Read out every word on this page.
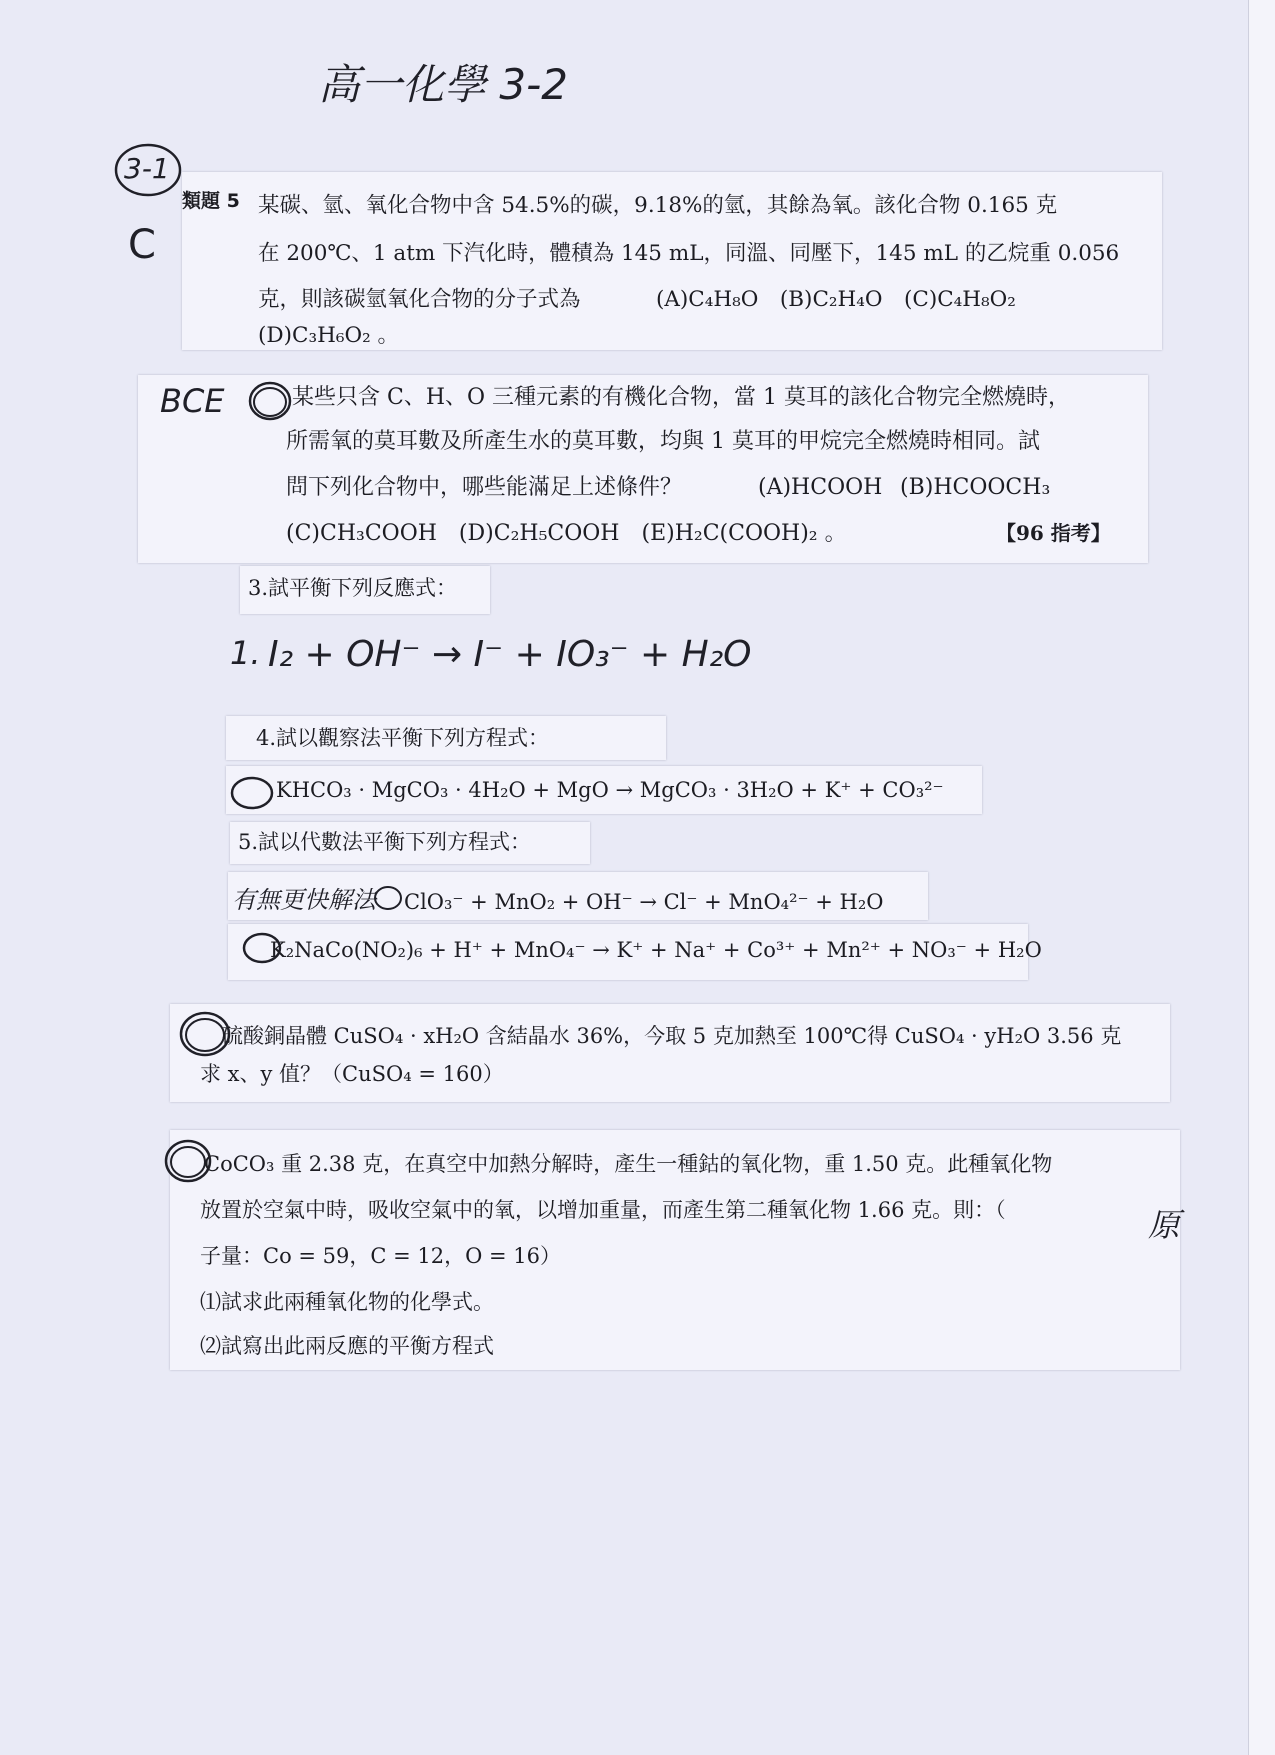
高一化學 3-2
3-1
C
類題 5 某碳、氫、氧化合物中含 54.5%的碳，9.18%的氫，其餘為氧。該化合物 0.165 克
在 200℃、1 atm 下汽化時，體積為 145 mL，同溫、同壓下，145 mL 的乙烷重 0.056
克，則該碳氫氧化合物的分子式為	(A)C₄H₈O　(B)C₂H₄O　(C)C₄H₈O₂
(D)C₃H₆O₂ 。
BCE	某些只含 C、H、O 三種元素的有機化合物，當 1 莫耳的該化合物完全燃燒時，
所需氧的莫耳數及所產生水的莫耳數，均與 1 莫耳的甲烷完全燃燒時相同。試
問下列化合物中，哪些能滿足上述條件？	(A)HCOOH (B)HCOOCH₃
(C)CH₃COOH　(D)C₂H₅COOH　(E)H₂C(COOH)₂ 。	【96 指考】
3.試平衡下列反應式：
1. I₂ + OH⁻ → I⁻ + IO₃⁻ + H₂O
4.試以觀察法平衡下列方程式：
KHCO₃ · MgCO₃ · 4H₂O + MgO → MgCO₃ · 3H₂O + K⁺ + CO₃²⁻
5.試以代數法平衡下列方程式：
有無更快解法 ClO₃⁻ + MnO₂ + OH⁻ → Cl⁻ + MnO₄²⁻ + H₂O
K₂NaCo(NO₂)₆ + H⁺ + MnO₄⁻ → K⁺ + Na⁺ + Co³⁺ + Mn²⁺ + NO₃⁻ + H₂O
硫酸銅晶體 CuSO₄ · xH₂O 含結晶水 36%，今取 5 克加熱至 100℃得 CuSO₄ · yH₂O 3.56 克
求 x、y 值？（CuSO₄ = 160）
CoCO₃ 重 2.38 克，在真空中加熱分解時，產生一種鈷的氧化物，重 1.50 克。此種氧化物
放置於空氣中時，吸收空氣中的氧，以增加重量，而產生第二種氧化物 1.66 克。則：（
子量：Co = 59，C = 12，O = 16）
⑴試求此兩種氧化物的化學式。
⑵試寫出此兩反應的平衡方程式
原
